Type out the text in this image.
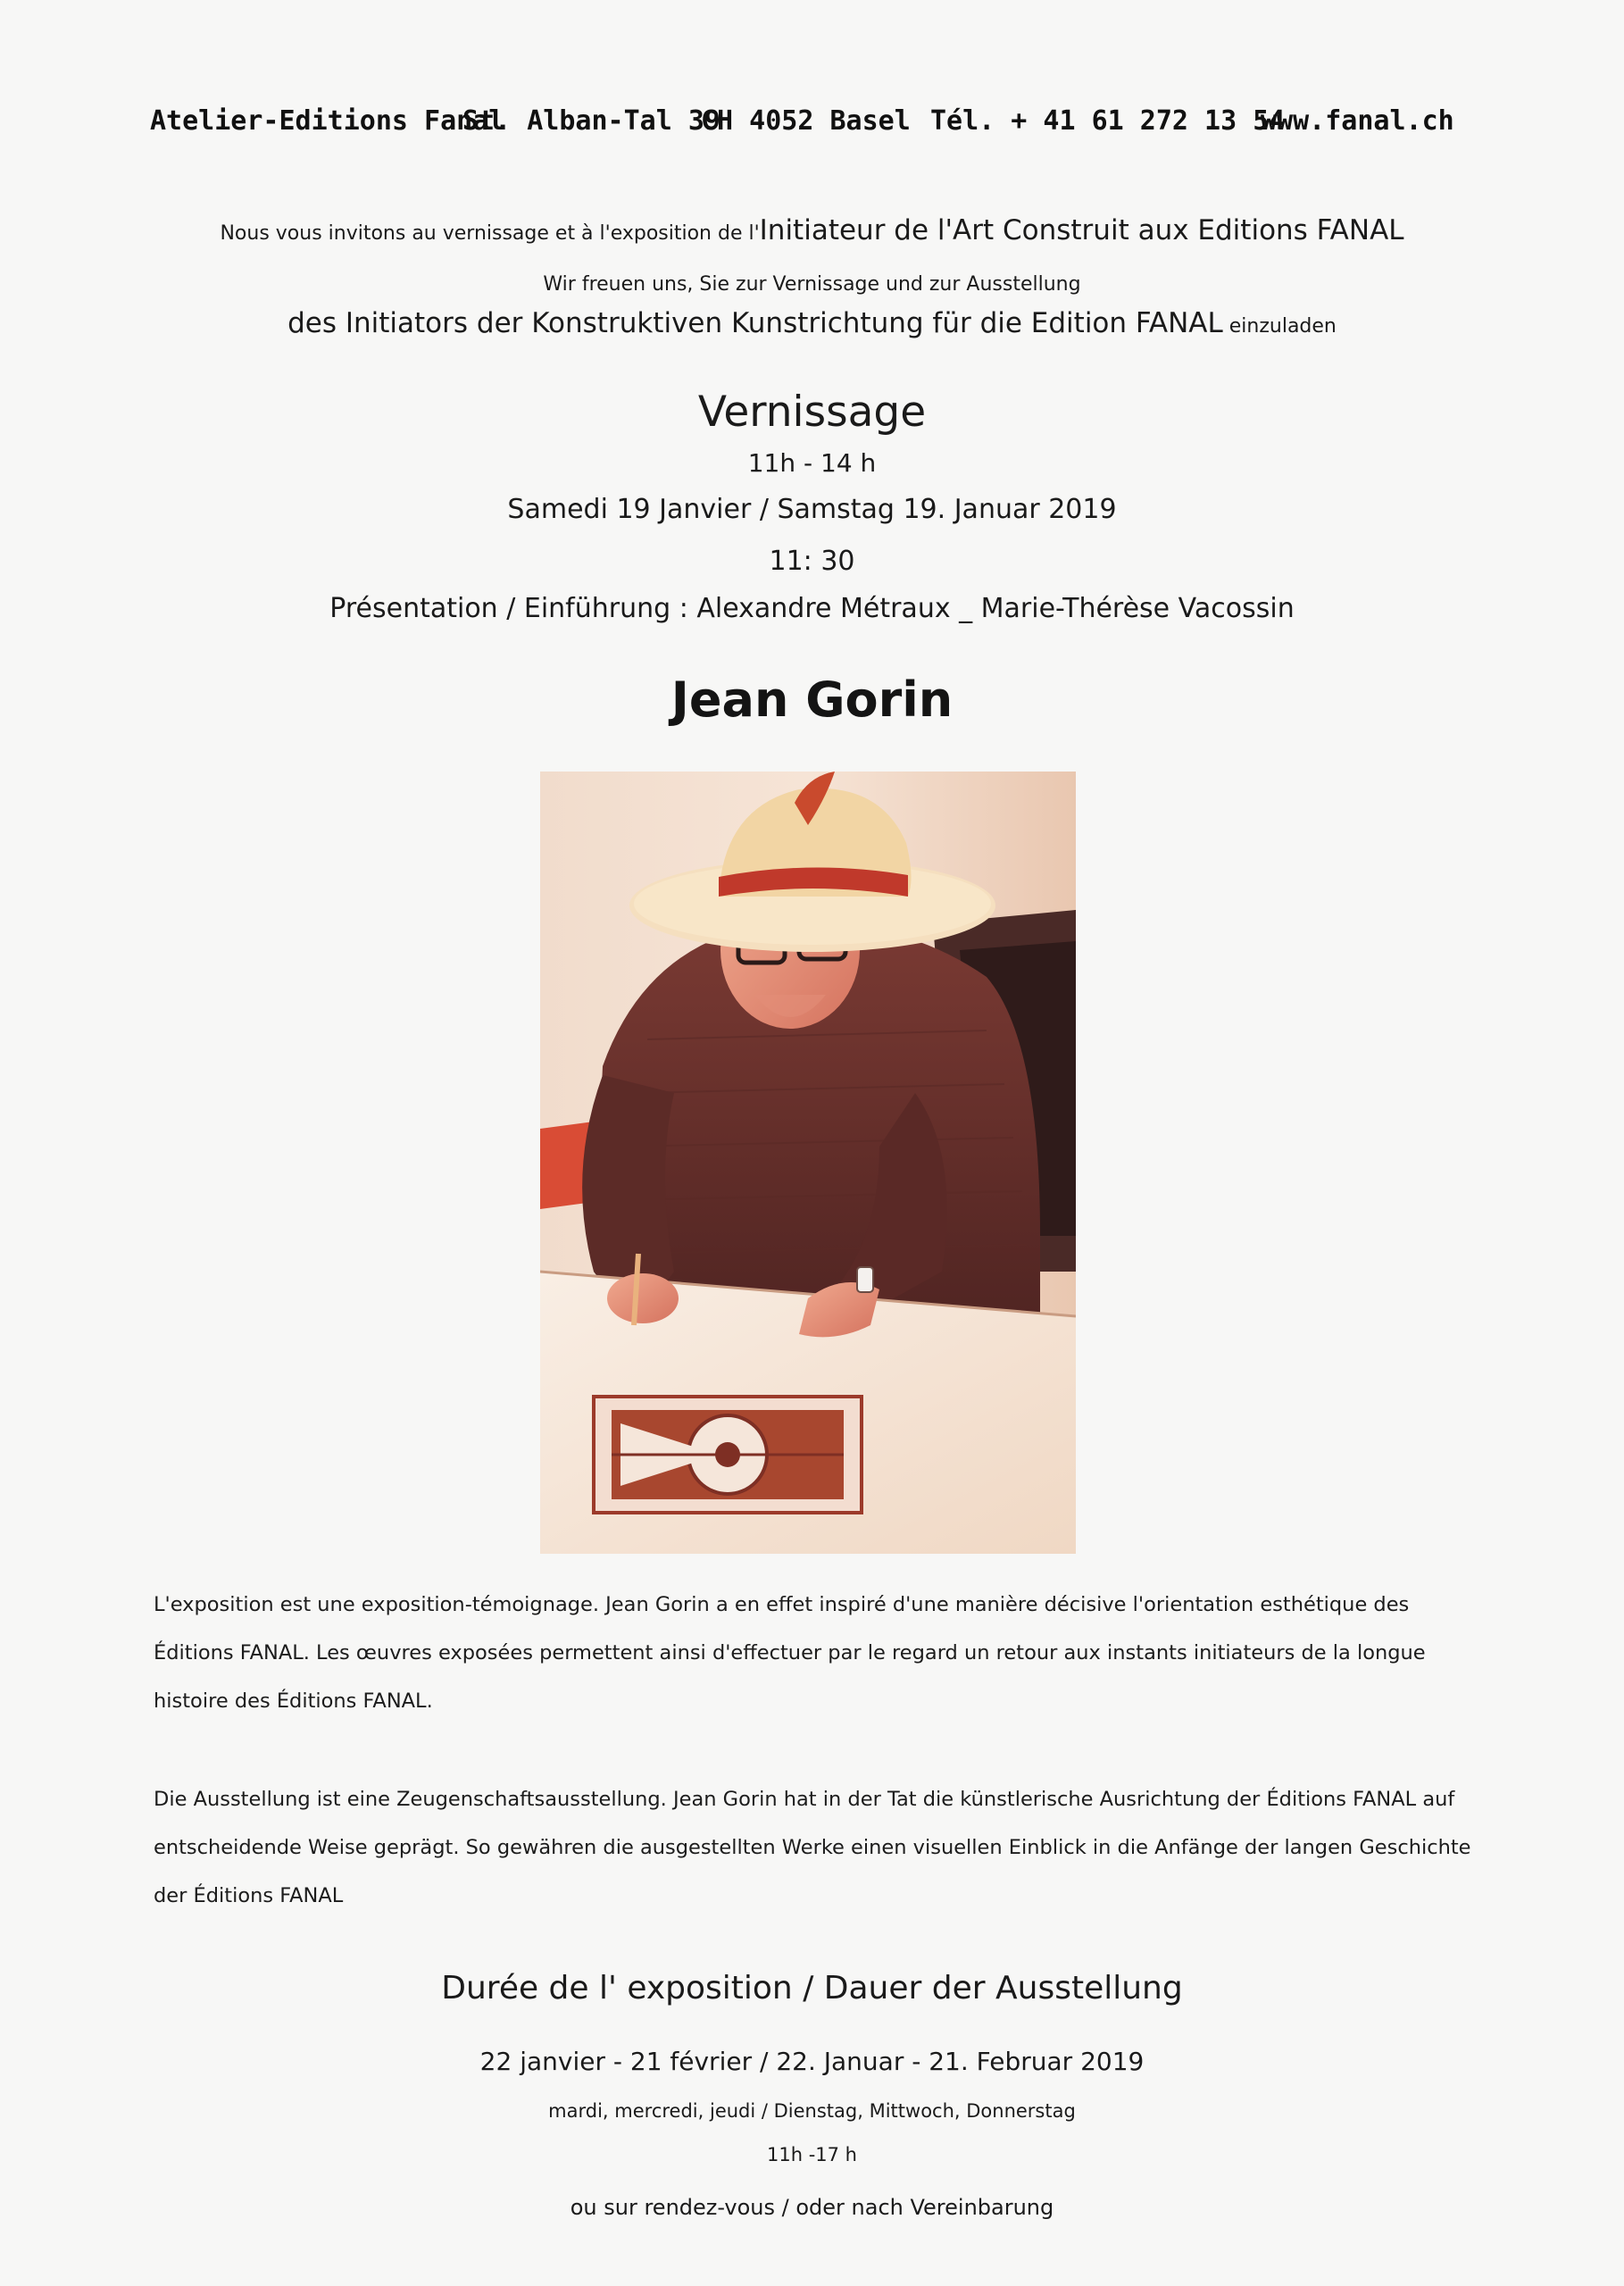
Atelier-Editions Fanal
St. Alban-Tal 39
CH 4052 Basel Tél. + 41 61 272 13 54
www.fanal.ch
Nous vous invitons au vernissage et à l'exposition de l'Initiateur de l'Art Construit aux Editions FANAL
Wir freuen uns, Sie zur Vernissage und zur Ausstellung
des Initiators der Konstruktiven Kunstrichtung für die Edition FANAL einzuladen
Vernissage
11h - 14 h
Samedi 19 Janvier / Samstag 19. Januar 2019
11: 30
Présentation / Einführung : Alexandre Métraux _ Marie-Thérèse Vacossin
Jean Gorin

L'exposition est une exposition-témoignage. Jean Gorin a en effet inspiré d'une manière décisive l'orientation esthétique des Éditions FANAL. Les œuvres exposées permettent ainsi d'effectuer par le regard un retour aux instants initiateurs de la longue histoire des Éditions FANAL.

Die Ausstellung ist eine Zeugenschaftsausstellung. Jean Gorin hat in der Tat die künstlerische Ausrichtung der Éditions FANAL auf entscheidende Weise geprägt. So gewähren die ausgestellten Werke einen visuellen Einblick in die Anfänge der langen Geschichte der Éditions FANAL

Durée de l' exposition / Dauer der Ausstellung
22 janvier - 21 février / 22. Januar - 21. Februar 2019
mardi, mercredi, jeudi / Dienstag, Mittwoch, Donnerstag
11h -17 h
ou sur rendez-vous / oder nach Vereinbarung
